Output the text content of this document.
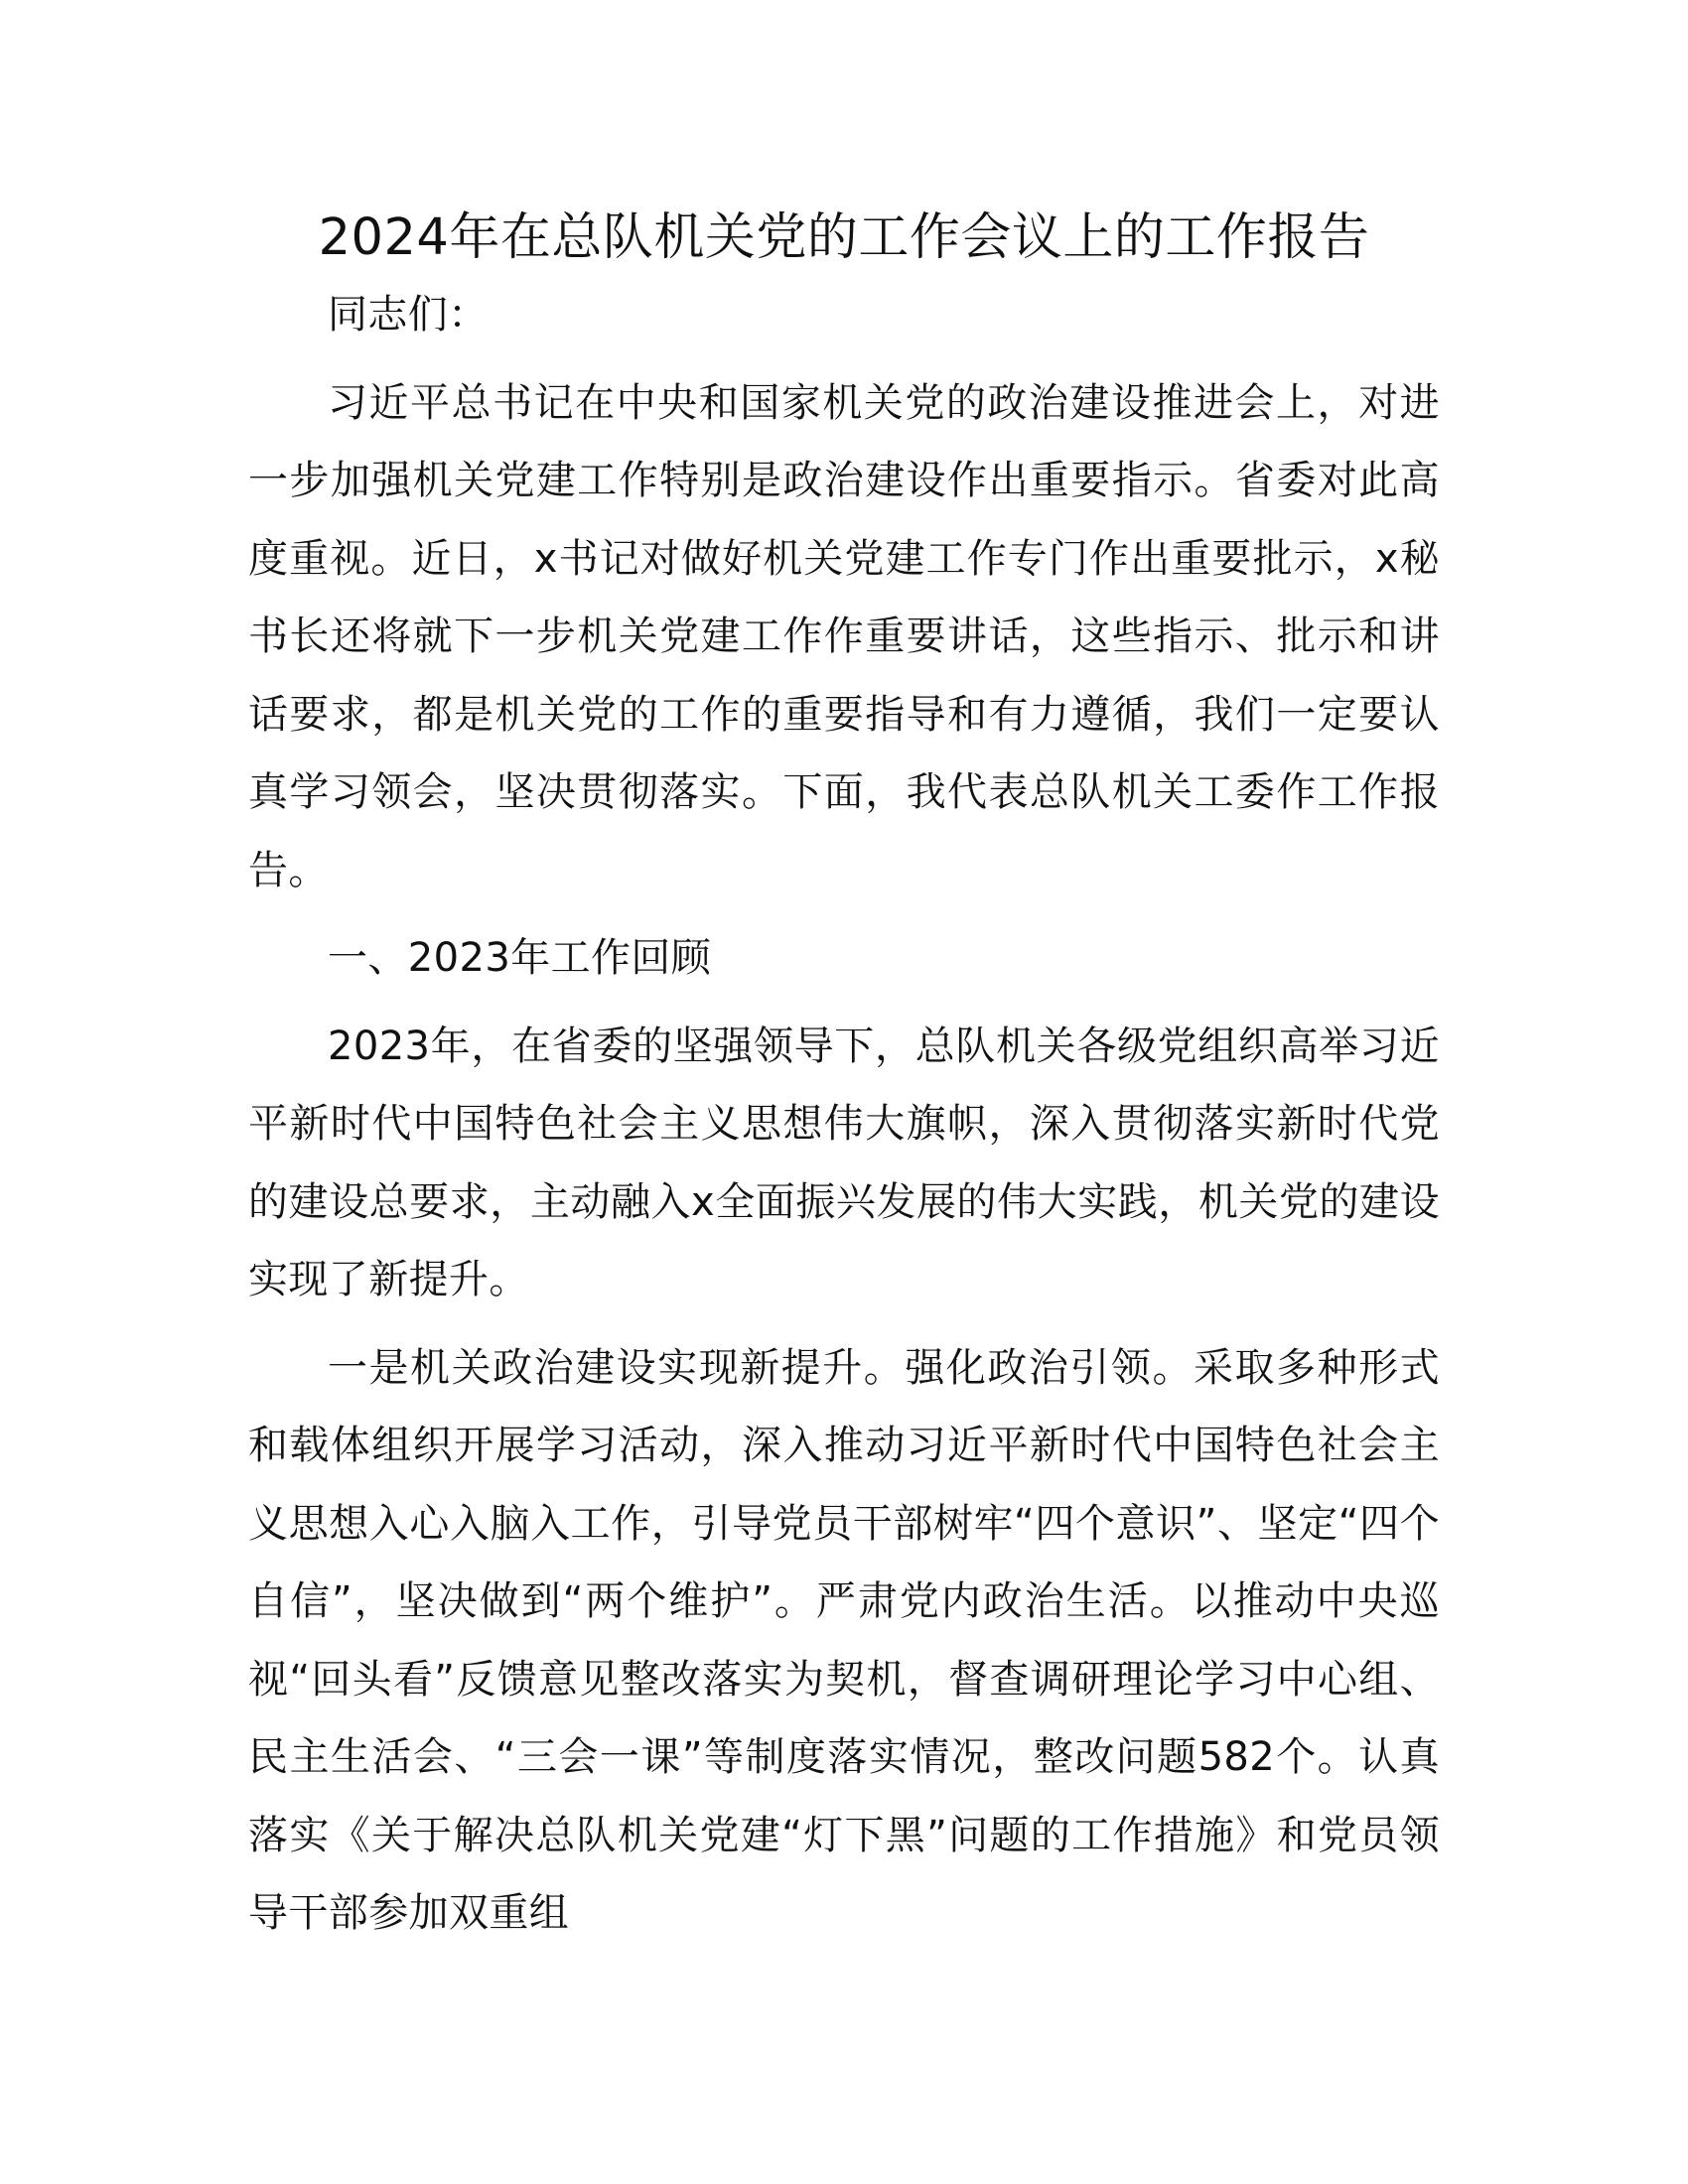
2024年在总队机关党的工作会议上的工作报告

同志们：

习近平总书记在中央和国家机关党的政治建设推进会上，对进一步加强机关党建工作特别是政治建设作出重要指示。省委对此高度重视。近日，x书记对做好机关党建工作专门作出重要批示，x秘书长还将就下一步机关党建工作作重要讲话，这些指示、批示和讲话要求，都是机关党的工作的重要指导和有力遵循，我们一定要认真学习领会，坚决贯彻落实。下面，我代表总队机关工委作工作报告。

一、2023年工作回顾

2023年，在省委的坚强领导下，总队机关各级党组织高举习近平新时代中国特色社会主义思想伟大旗帜，深入贯彻落实新时代党的建设总要求，主动融入x全面振兴发展的伟大实践，机关党的建设实现了新提升。

一是机关政治建设实现新提升。强化政治引领。采取多种形式和载体组织开展学习活动，深入推动习近平新时代中国特色社会主义思想入心入脑入工作，引导党员干部树牢“四个意识”、坚定“四个自信”，坚决做到“两个维护”。严肃党内政治生活。以推动中央巡视“回头看”反馈意见整改落实为契机，督查调研理论学习中心组、民主生活会、“三会一课”等制度落实情况，整改问题582个。认真落实《关于解决总队机关党建“灯下黑”问题的工作措施》和党员领导干部参加双重组
